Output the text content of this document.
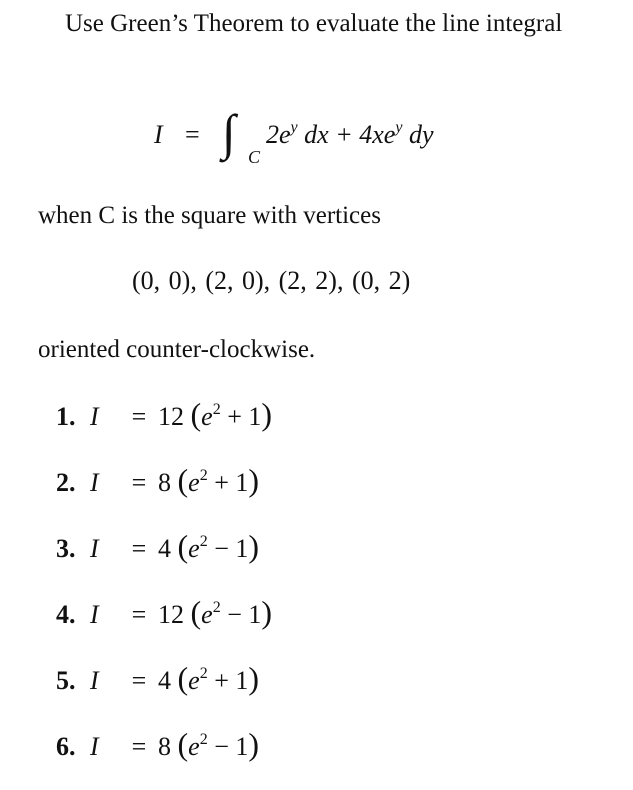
Use Green’s Theorem to evaluate the line integral
I = ∫ C
$2e^y$ dx + $4xe^y$ dy
when C is the square with vertices
(0, 0), (2, 0), (2, 2), (0, 2)
oriented counter-clockwise.
1. I = 12 $(e^2 + 1)$
2. I = 8 $(e^2 + 1)$
3. I = 4 $(e^2 - 1)$
4. I = 12 $(e^2 - 1)$
5. I = 4 $(e^2 + 1)$
6. I = 8 $(e^2 - 1)$
